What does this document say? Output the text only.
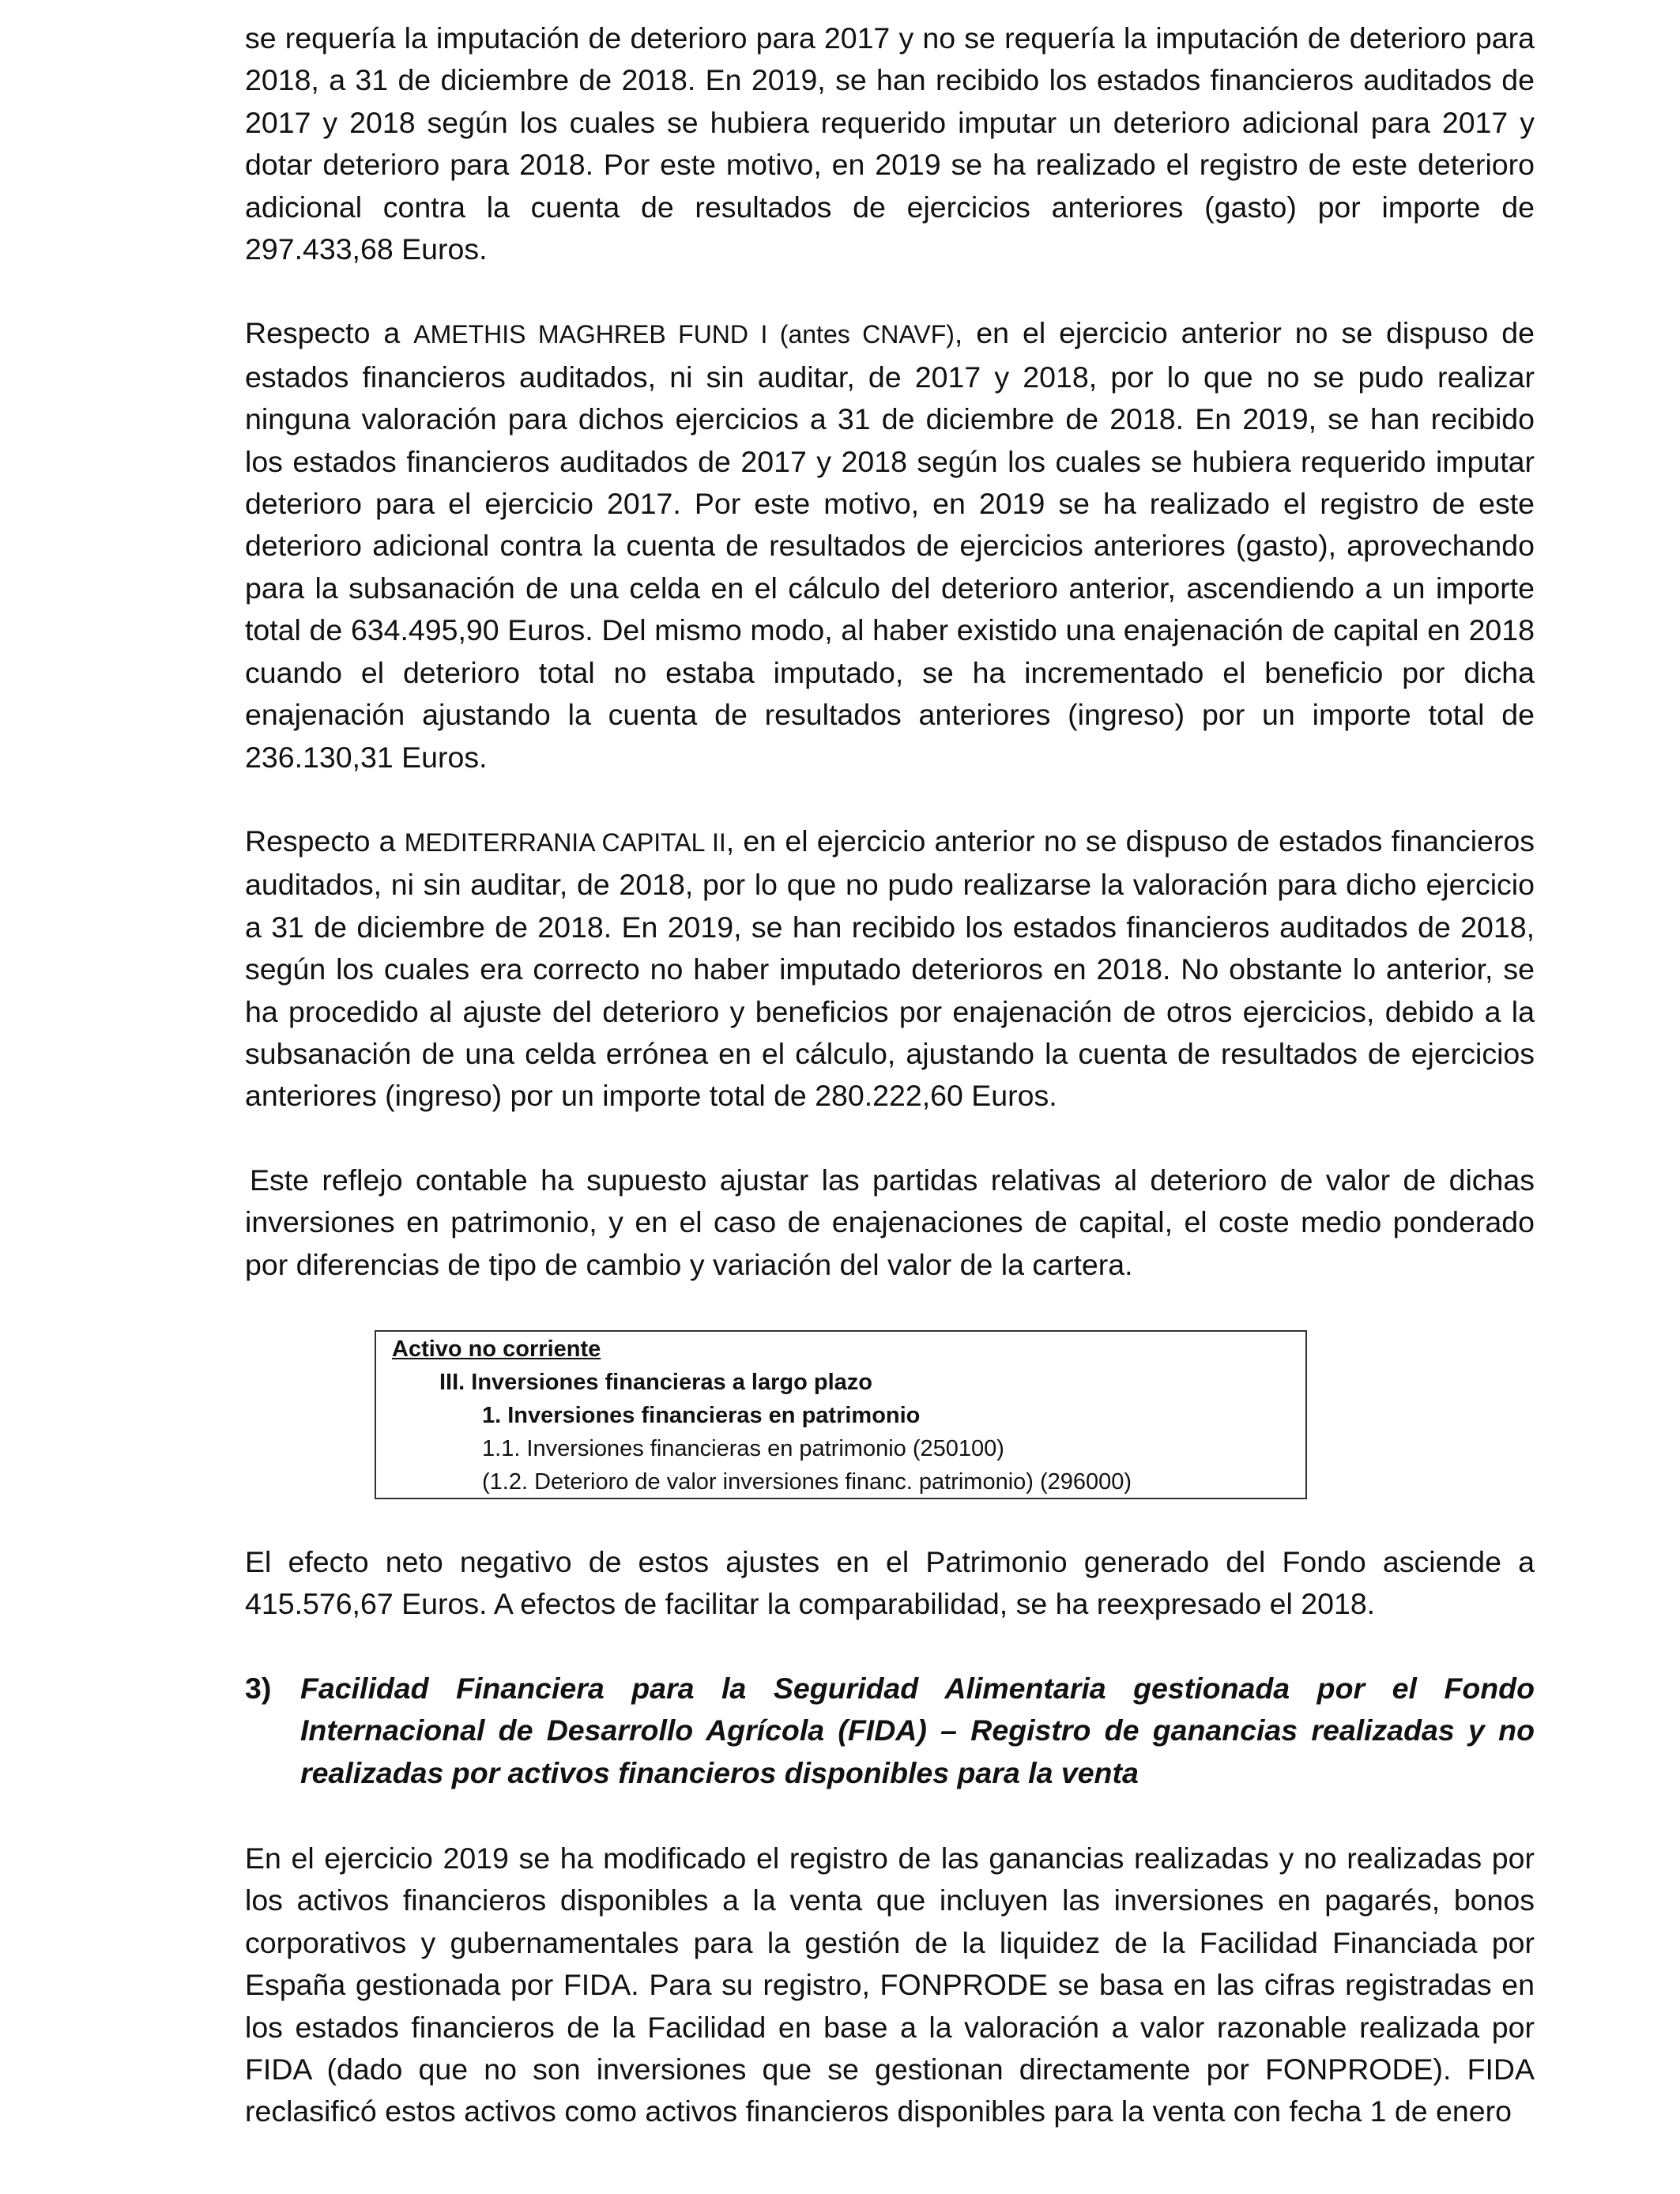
se requería la imputación de deterioro para 2017 y no se requería la imputación de deterioro para 2018, a 31 de diciembre de 2018. En 2019, se han recibido los estados financieros auditados de 2017 y 2018 según los cuales se hubiera requerido imputar un deterioro adicional para 2017 y dotar deterioro para 2018. Por este motivo, en 2019 se ha realizado el registro de este deterioro adicional contra la cuenta de resultados de ejercicios anteriores (gasto) por importe de 297.433,68 Euros.

Respecto a AMETHIS MAGHREB FUND I (antes CNAVF), en el ejercicio anterior no se dispuso de estados financieros auditados, ni sin auditar, de 2017 y 2018, por lo que no se pudo realizar ninguna valoración para dichos ejercicios a 31 de diciembre de 2018. En 2019, se han recibido los estados financieros auditados de 2017 y 2018 según los cuales se hubiera requerido imputar deterioro para el ejercicio 2017. Por este motivo, en 2019 se ha realizado el registro de este deterioro adicional contra la cuenta de resultados de ejercicios anteriores (gasto), aprovechando para la subsanación de una celda en el cálculo del deterioro anterior, ascendiendo a un importe total de 634.495,90 Euros. Del mismo modo, al haber existido una enajenación de capital en 2018 cuando el deterioro total no estaba imputado, se ha incrementado el beneficio por dicha enajenación ajustando la cuenta de resultados anteriores (ingreso) por un importe total de 236.130,31 Euros.

Respecto a MEDITERRANIA CAPITAL II, en el ejercicio anterior no se dispuso de estados financieros auditados, ni sin auditar, de 2018, por lo que no pudo realizarse la valoración para dicho ejercicio a 31 de diciembre de 2018. En 2019, se han recibido los estados financieros auditados de 2018, según los cuales era correcto no haber imputado deterioros en 2018. No obstante lo anterior, se ha procedido al ajuste del deterioro y beneficios por enajenación de otros ejercicios, debido a la subsanación de una celda errónea en el cálculo, ajustando la cuenta de resultados de ejercicios anteriores (ingreso) por un importe total de 280.222,60 Euros.

Este reflejo contable ha supuesto ajustar las partidas relativas al deterioro de valor de dichas inversiones en patrimonio, y en el caso de enajenaciones de capital, el coste medio ponderado por diferencias de tipo de cambio y variación del valor de la cartera.

Activo no corriente
III. Inversiones financieras a largo plazo
1. Inversiones financieras en patrimonio
1.1. Inversiones financieras en patrimonio (250100)
(1.2. Deterioro de valor inversiones financ. patrimonio) (296000)

El efecto neto negativo de estos ajustes en el Patrimonio generado del Fondo asciende a 415.576,67 Euros. A efectos de facilitar la comparabilidad, se ha reexpresado el 2018.

3) Facilidad Financiera para la Seguridad Alimentaria gestionada por el Fondo Internacional de Desarrollo Agrícola (FIDA) – Registro de ganancias realizadas y no realizadas por activos financieros disponibles para la venta

En el ejercicio 2019 se ha modificado el registro de las ganancias realizadas y no realizadas por los activos financieros disponibles a la venta que incluyen las inversiones en pagarés, bonos corporativos y gubernamentales para la gestión de la liquidez de la Facilidad Financiada por España gestionada por FIDA. Para su registro, FONPRODE se basa en las cifras registradas en los estados financieros de la Facilidad en base a la valoración a valor razonable realizada por FIDA (dado que no son inversiones que se gestionan directamente por FONPRODE). FIDA reclasificó estos activos como activos financieros disponibles para la venta con fecha 1 de enero
